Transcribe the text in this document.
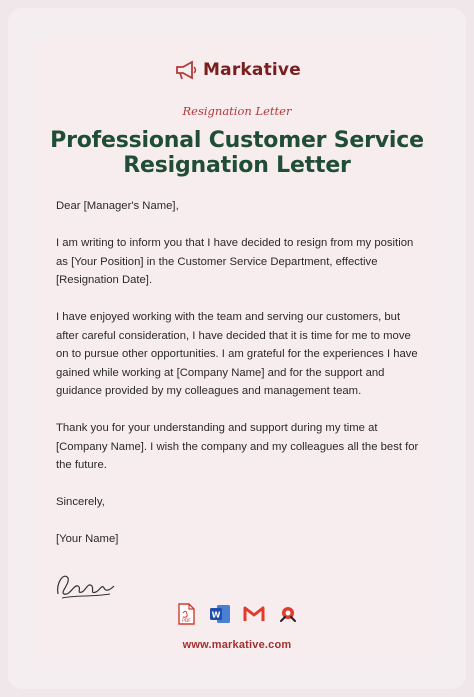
Markative
Resignation Letter
Professional Customer Service Resignation Letter

Dear [Manager's Name],

I am writing to inform you that I have decided to resign from my position as [Your Position] in the Customer Service Department, effective [Resignation Date].

I have enjoyed working with the team and serving our customers, but after careful consideration, I have decided that it is time for me to move on to pursue other opportunities. I am grateful for the experiences I have gained while working at [Company Name] and for the support and guidance provided by my colleagues and management team.

Thank you for your understanding and support during my time at [Company Name]. I wish the company and my colleagues all the best for the future.

Sincerely,

[Your Name]

PDF
W
www.markative.com
